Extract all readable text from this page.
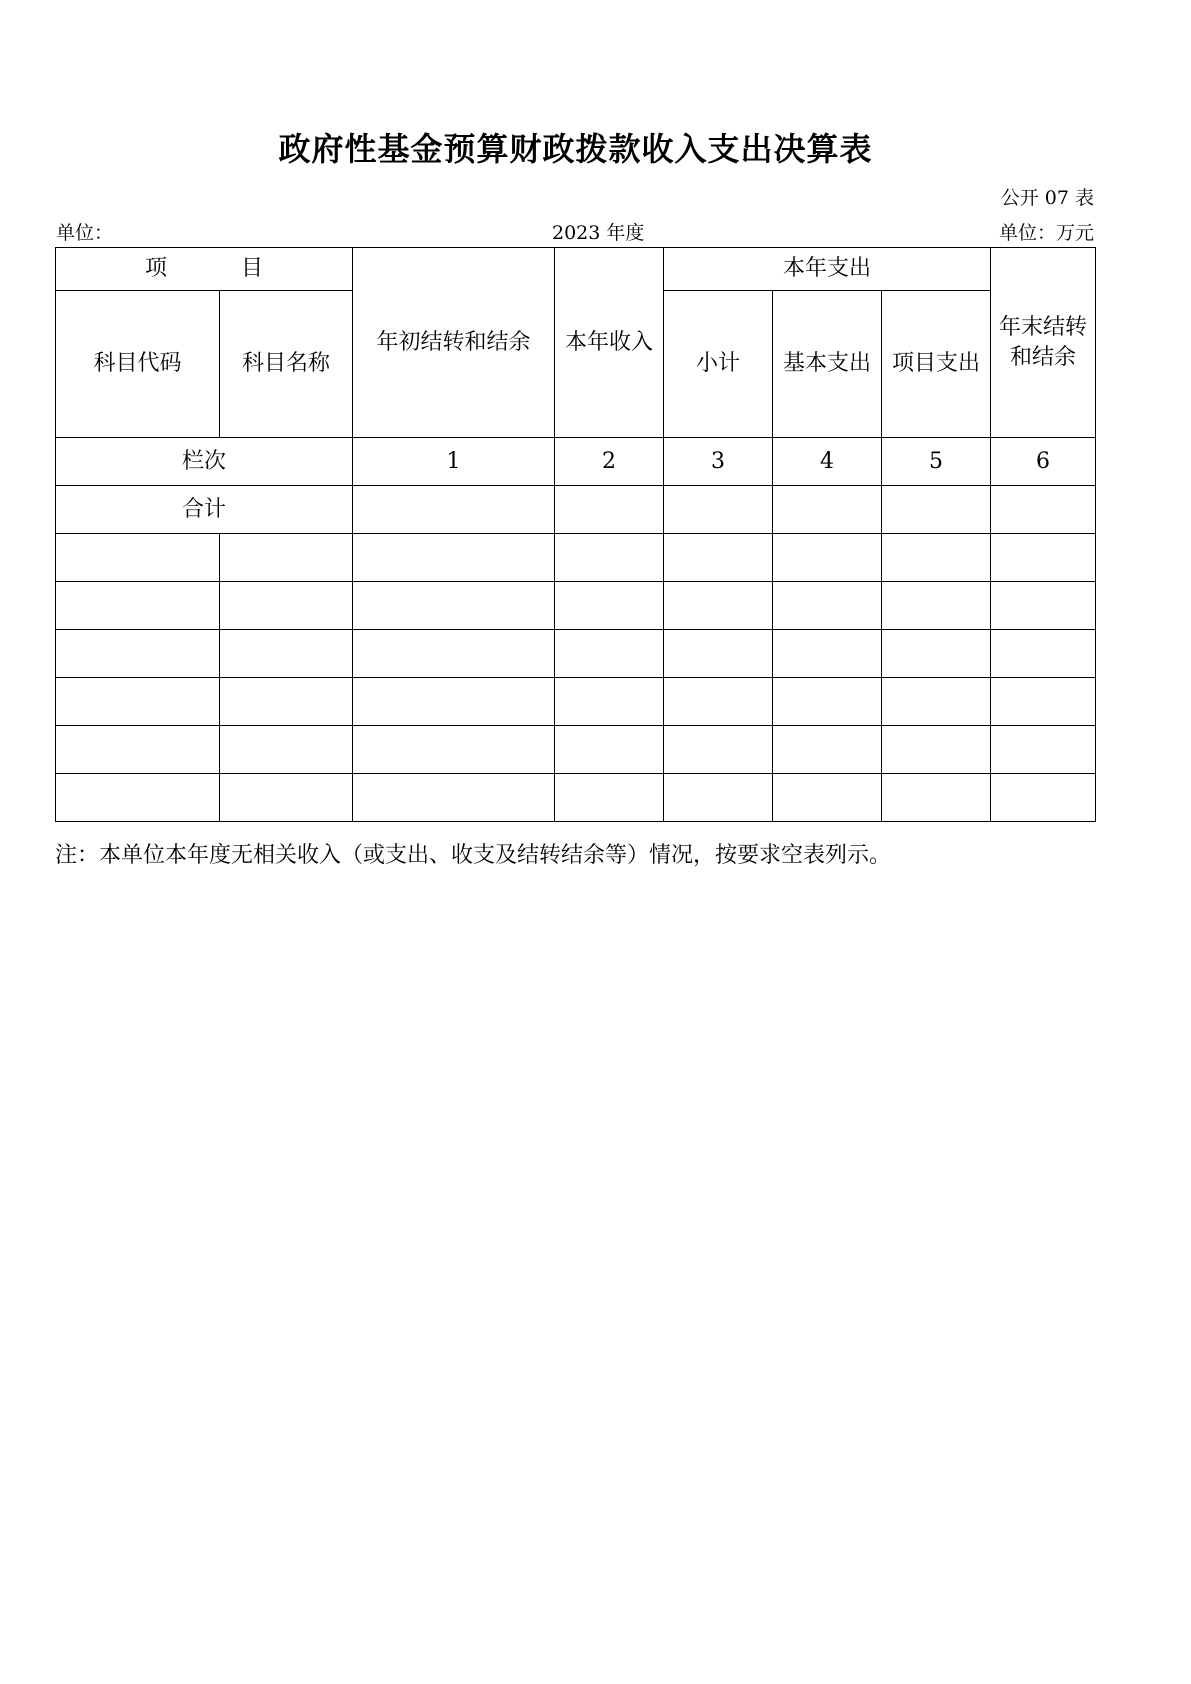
政府性基金预算财政拨款收入支出决算表
公开 07 表
单位：	2023 年度	单位：万元
项　目		年初结转和结余	本年收入	本年支出			年末结转和结余
科目代码	科目名称			小计	基本支出	项目支出	
栏次		1	2	3	4	5	6
合计							

注：本单位本年度无相关收入（或支出、收支及结转结余等）情况，按要求空表列示。
